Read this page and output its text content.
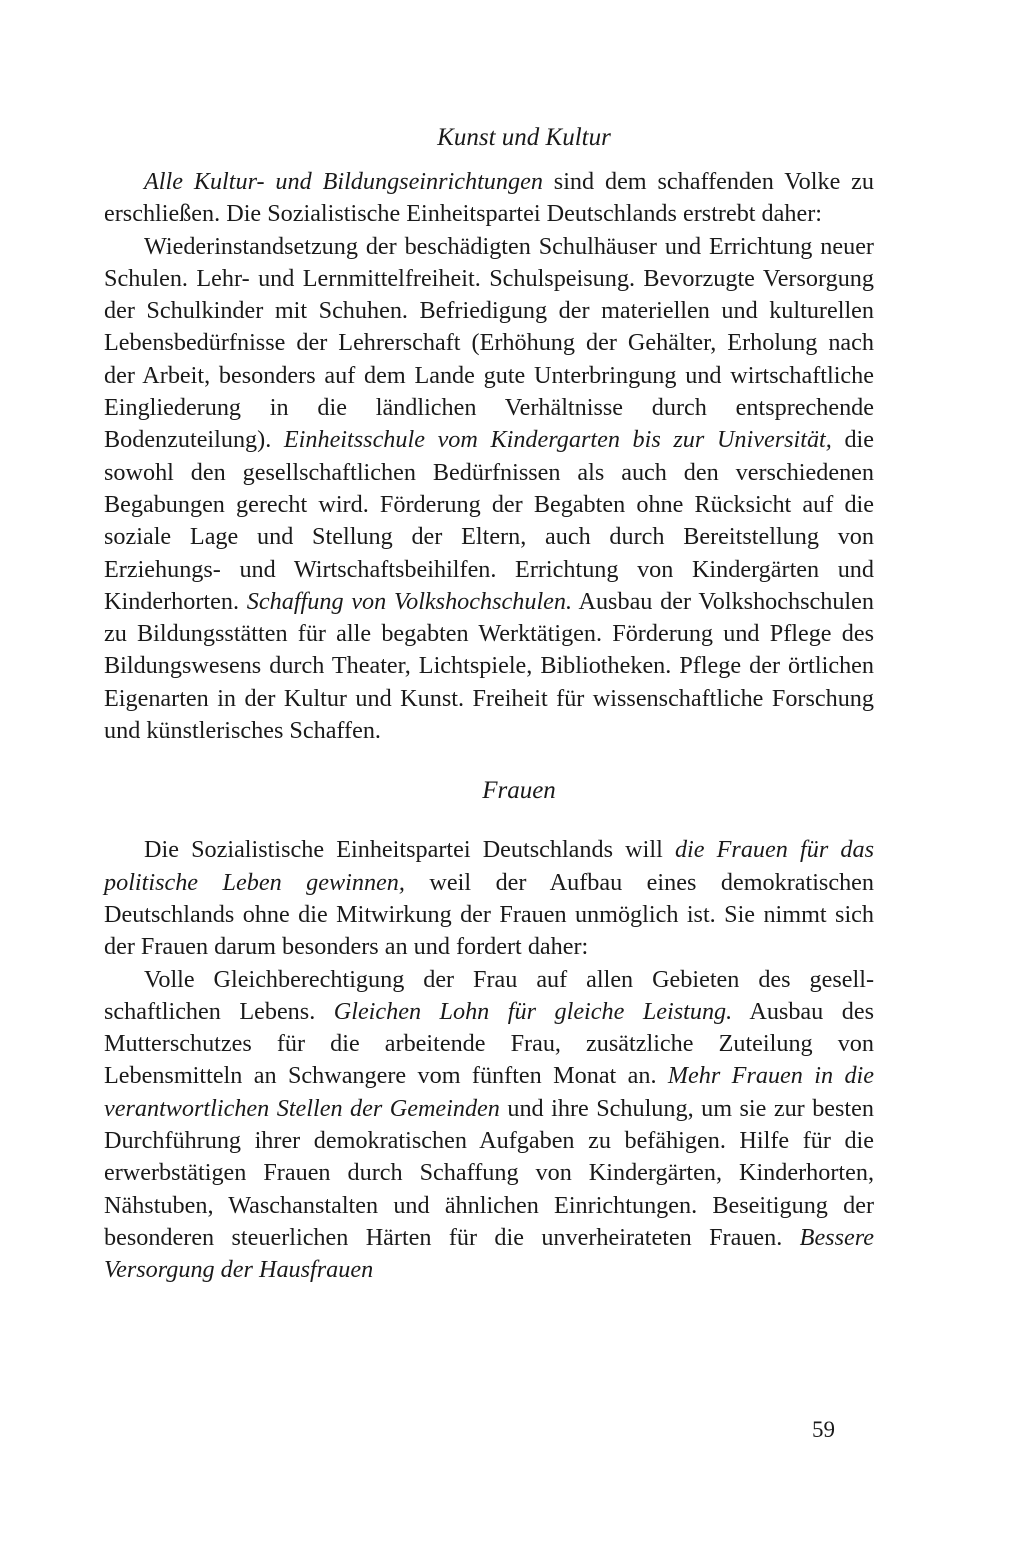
Kunst und Kultur

Alle Kultur- und Bildungseinrichtungen sind dem schaffenden Volke zu erschließen. Die Sozialistische Einheitspartei Deutschlands erstrebt daher:

Wiederinstandsetzung der beschädigten Schulhäuser und Errichtung neuer Schulen. Lehr- und Lernmittelfreiheit. Schulspeisung. Bevorzugte Versorgung der Schulkinder mit Schuhen. Befriedigung der materiellen und kulturellen Lebensbedürfnisse der Lehrerschaft (Erhöhung der Gehälter, Erholung nach der Arbeit, besonders auf dem Lande gute Unterbringung und wirtschaftliche Eingliederung in die ländlichen Verhältnisse durch entsprechende Bodenzuteilung). Einheitsschule vom Kindergarten bis zur Universität, die sowohl den gesellschaftlichen Bedürfnissen als auch den verschiedenen Begabungen gerecht wird. Förderung der Begabten ohne Rücksicht auf die soziale Lage und Stellung der Eltern, auch durch Bereitstellung von Erziehungs- und Wirtschaftsbeihilfen. Errichtung von Kindergärten und Kinderhorten. Schaffung von Volkshochschulen. Ausbau der Volkshochschulen zu Bildungsstätten für alle begabten Werktätigen. Förderung und Pflege des Bildungswesens durch Theater, Lichtspiele, Bibliotheken. Pflege der örtlichen Eigenarten in der Kultur und Kunst. Freiheit für wissenschaftliche Forschung und künstlerisches Schaffen.

Frauen

Die Sozialistische Einheitspartei Deutschlands will die Frauen für das politische Leben gewinnen, weil der Aufbau eines demokratischen Deutschlands ohne die Mitwirkung der Frauen unmöglich ist. Sie nimmt sich der Frauen darum besonders an und fordert daher:

Volle Gleichberechtigung der Frau auf allen Gebieten des gesellschaftlichen Lebens. Gleichen Lohn für gleiche Leistung. Ausbau des Mutterschutzes für die arbeitende Frau, zusätzliche Zuteilung von Lebensmitteln an Schwangere vom fünften Monat an. Mehr Frauen in die verantwortlichen Stellen der Gemeinden und ihre Schulung, um sie zur besten Durchführung ihrer demokratischen Aufgaben zu befähigen. Hilfe für die erwerbstätigen Frauen durch Schaffung von Kindergärten, Kinderhorten, Nähstuben, Waschanstalten und ähnlichen Einrichtungen. Beseitigung der besonderen steuerlichen Härten für die unverheirateten Frauen. Bessere Versorgung der Hausfrauen

59
